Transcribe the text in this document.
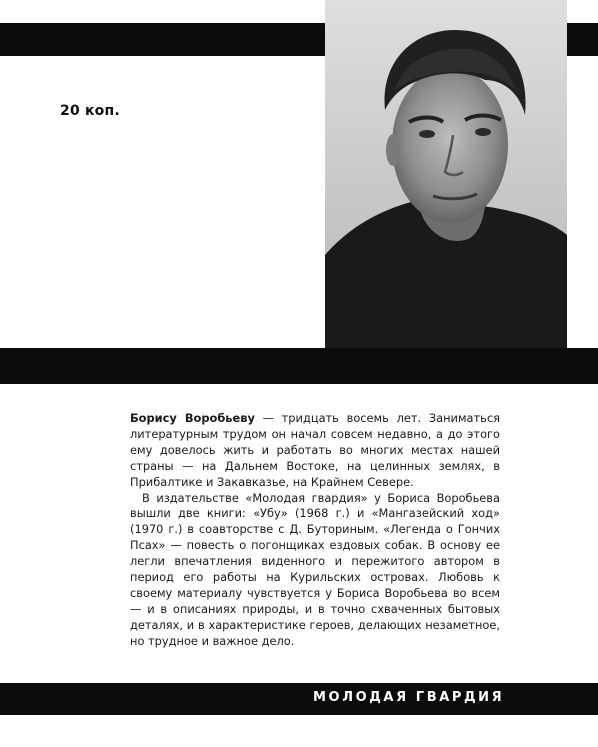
20 коп.

Борису Воробьеву — тридцать восемь лет. Заниматься литературным трудом он начал совсем недавно, а до этого ему довелось жить и работать во многих местах нашей страны — на Дальнем Востоке, на целинных землях, в Прибалтике и Закавказье, на Крайнем Севере.

В издательстве «Молодая гвардия» у Бориса Воробьева вышли две книги: «Убу» (1968 г.) и «Мангазейский ход» (1970 г.) в соавторстве с Д. Буториным. «Легенда о Гончих Псах» — повесть о погонщиках ездовых собак. В основу ее легли впечатления виденного и пережитого автором в период его работы на Курильских островах. Любовь к своему материалу чувствуется у Бориса Воробьева во всем — и в описаниях природы, и в точно схваченных бытовых деталях, и в характеристике героев, делающих незаметное, но трудное и важное дело.

МОЛОДАЯ ГВАРДИЯ
